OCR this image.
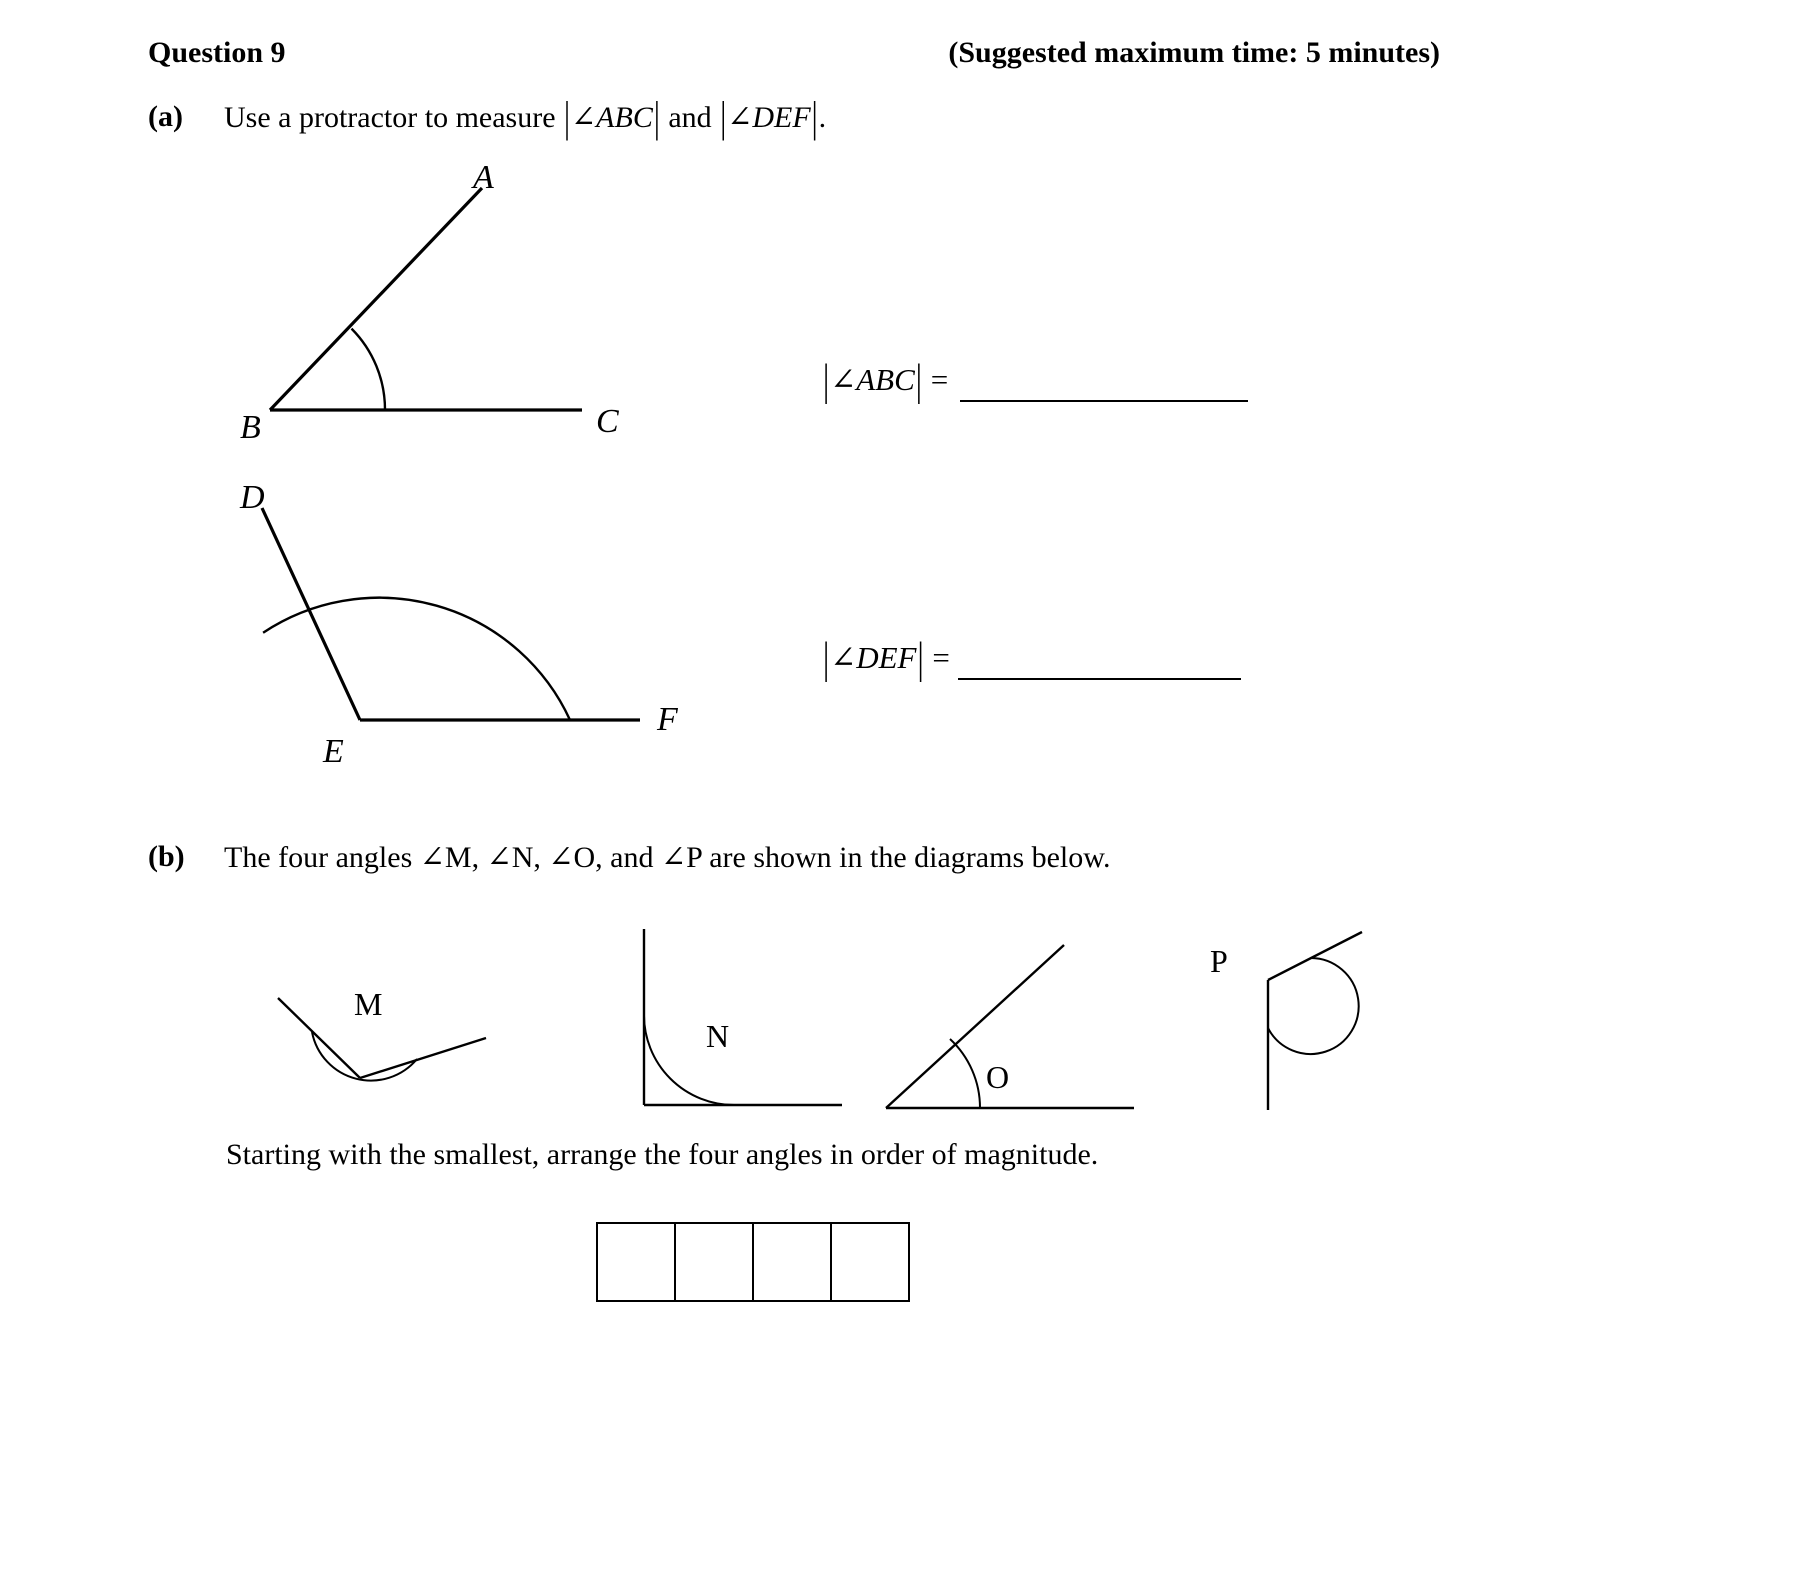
Question 9	(Suggested maximum time: 5 minutes)
(a) Use a protractor to measure |∠ABC| and |∠DEF|.
B
A
C
D
E
F
|∠ABC| =
|∠DEF| =
(b) The four angles ∠M, ∠N, ∠O, and ∠P are shown in the diagrams below.
M
N
O
P
Starting with the smallest, arrange the four angles in order of magnitude.
